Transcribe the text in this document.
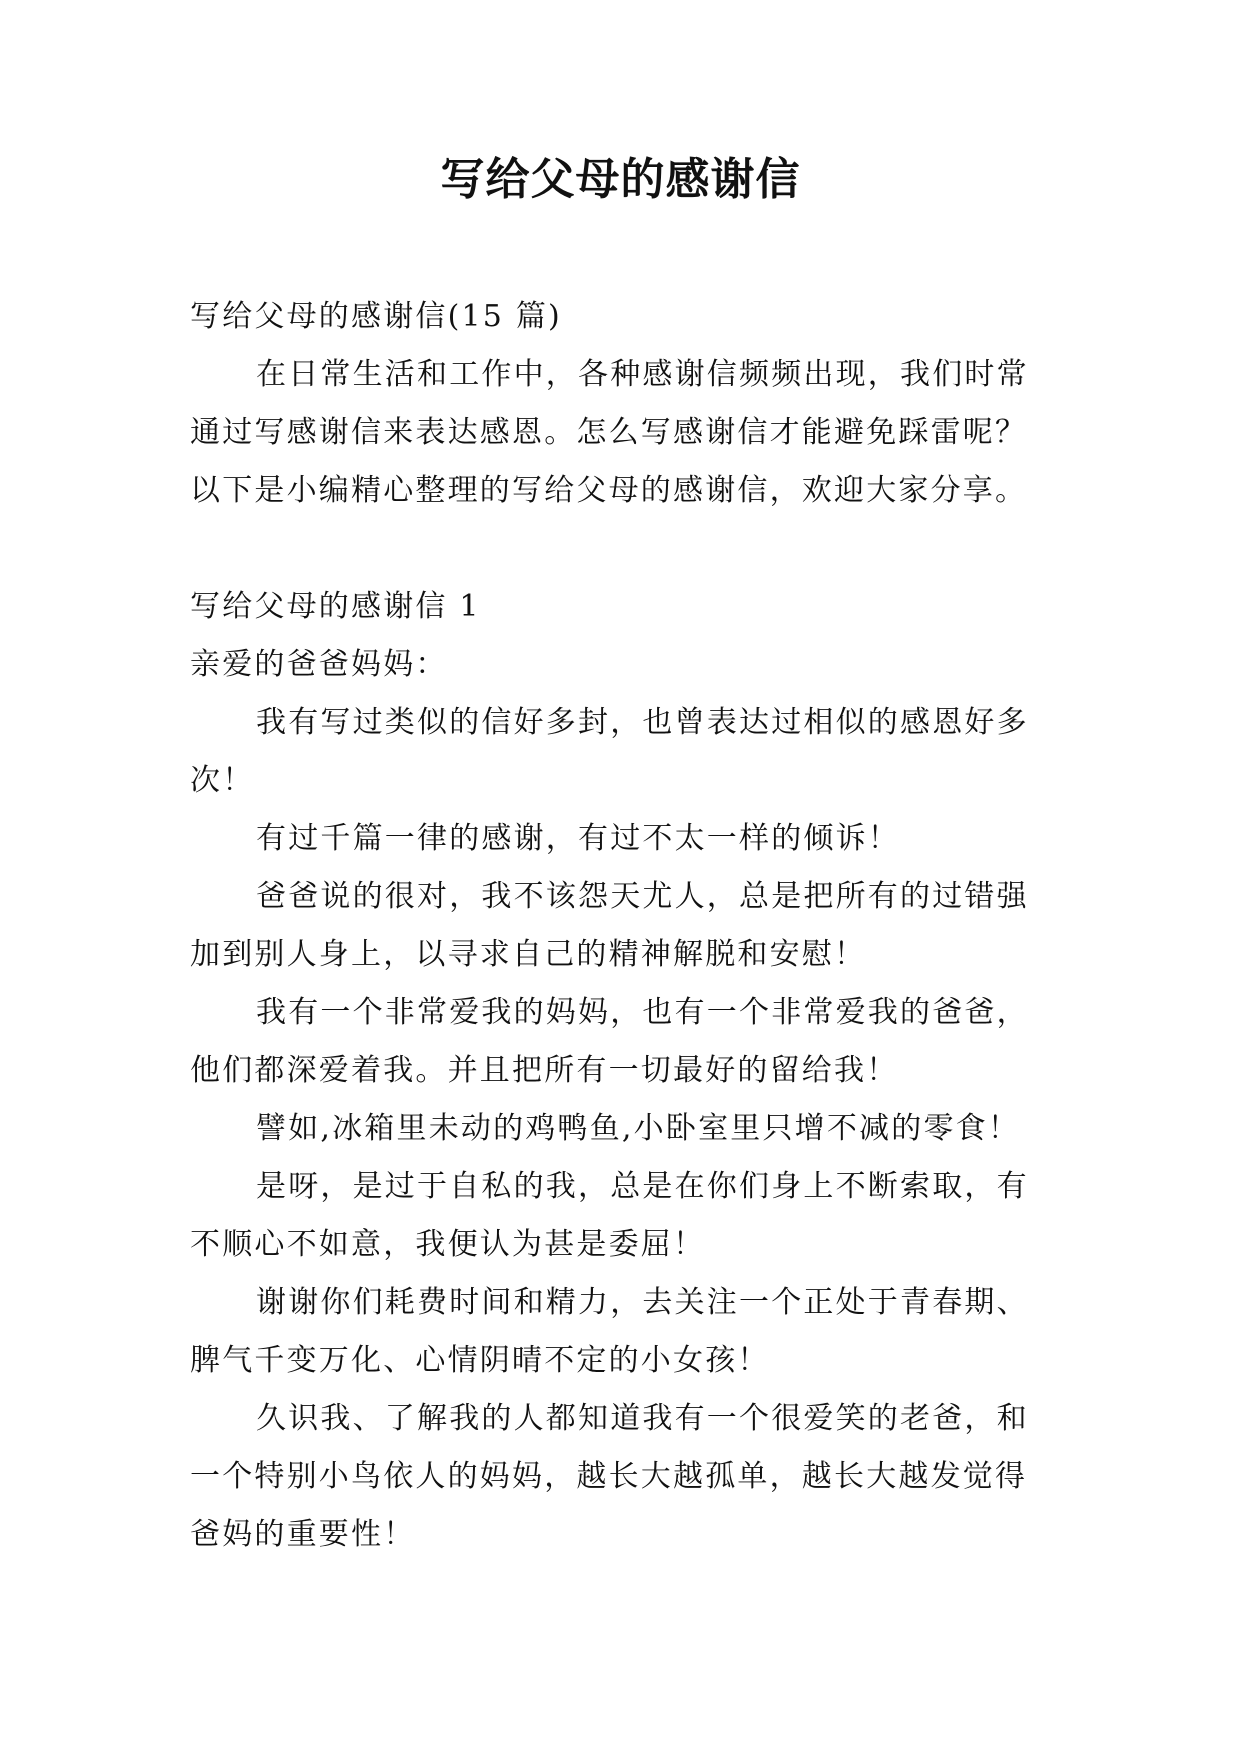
写给父母的感谢信
写给父母的感谢信(15 篇)
在日常生活和工作中，各种感谢信频频出现，我们时常
通过写感谢信来表达感恩。怎么写感谢信才能避免踩雷呢？
以下是小编精心整理的写给父母的感谢信，欢迎大家分享。
写给父母的感谢信 1
亲爱的爸爸妈妈：
我有写过类似的信好多封，也曾表达过相似的感恩好多
次！
有过千篇一律的感谢，有过不太一样的倾诉！
爸爸说的很对，我不该怨天尤人，总是把所有的过错强
加到别人身上，以寻求自己的精神解脱和安慰！
我有一个非常爱我的妈妈，也有一个非常爱我的爸爸，
他们都深爱着我。并且把所有一切最好的留给我！
譬如,冰箱里未动的鸡鸭鱼,小卧室里只增不减的零食！
是呀，是过于自私的我，总是在你们身上不断索取，有
不顺心不如意，我便认为甚是委屈！
谢谢你们耗费时间和精力，去关注一个正处于青春期、
脾气千变万化、心情阴晴不定的小女孩！
久识我、了解我的人都知道我有一个很爱笑的老爸，和
一个特别小鸟依人的妈妈，越长大越孤单，越长大越发觉得
爸妈的重要性！
